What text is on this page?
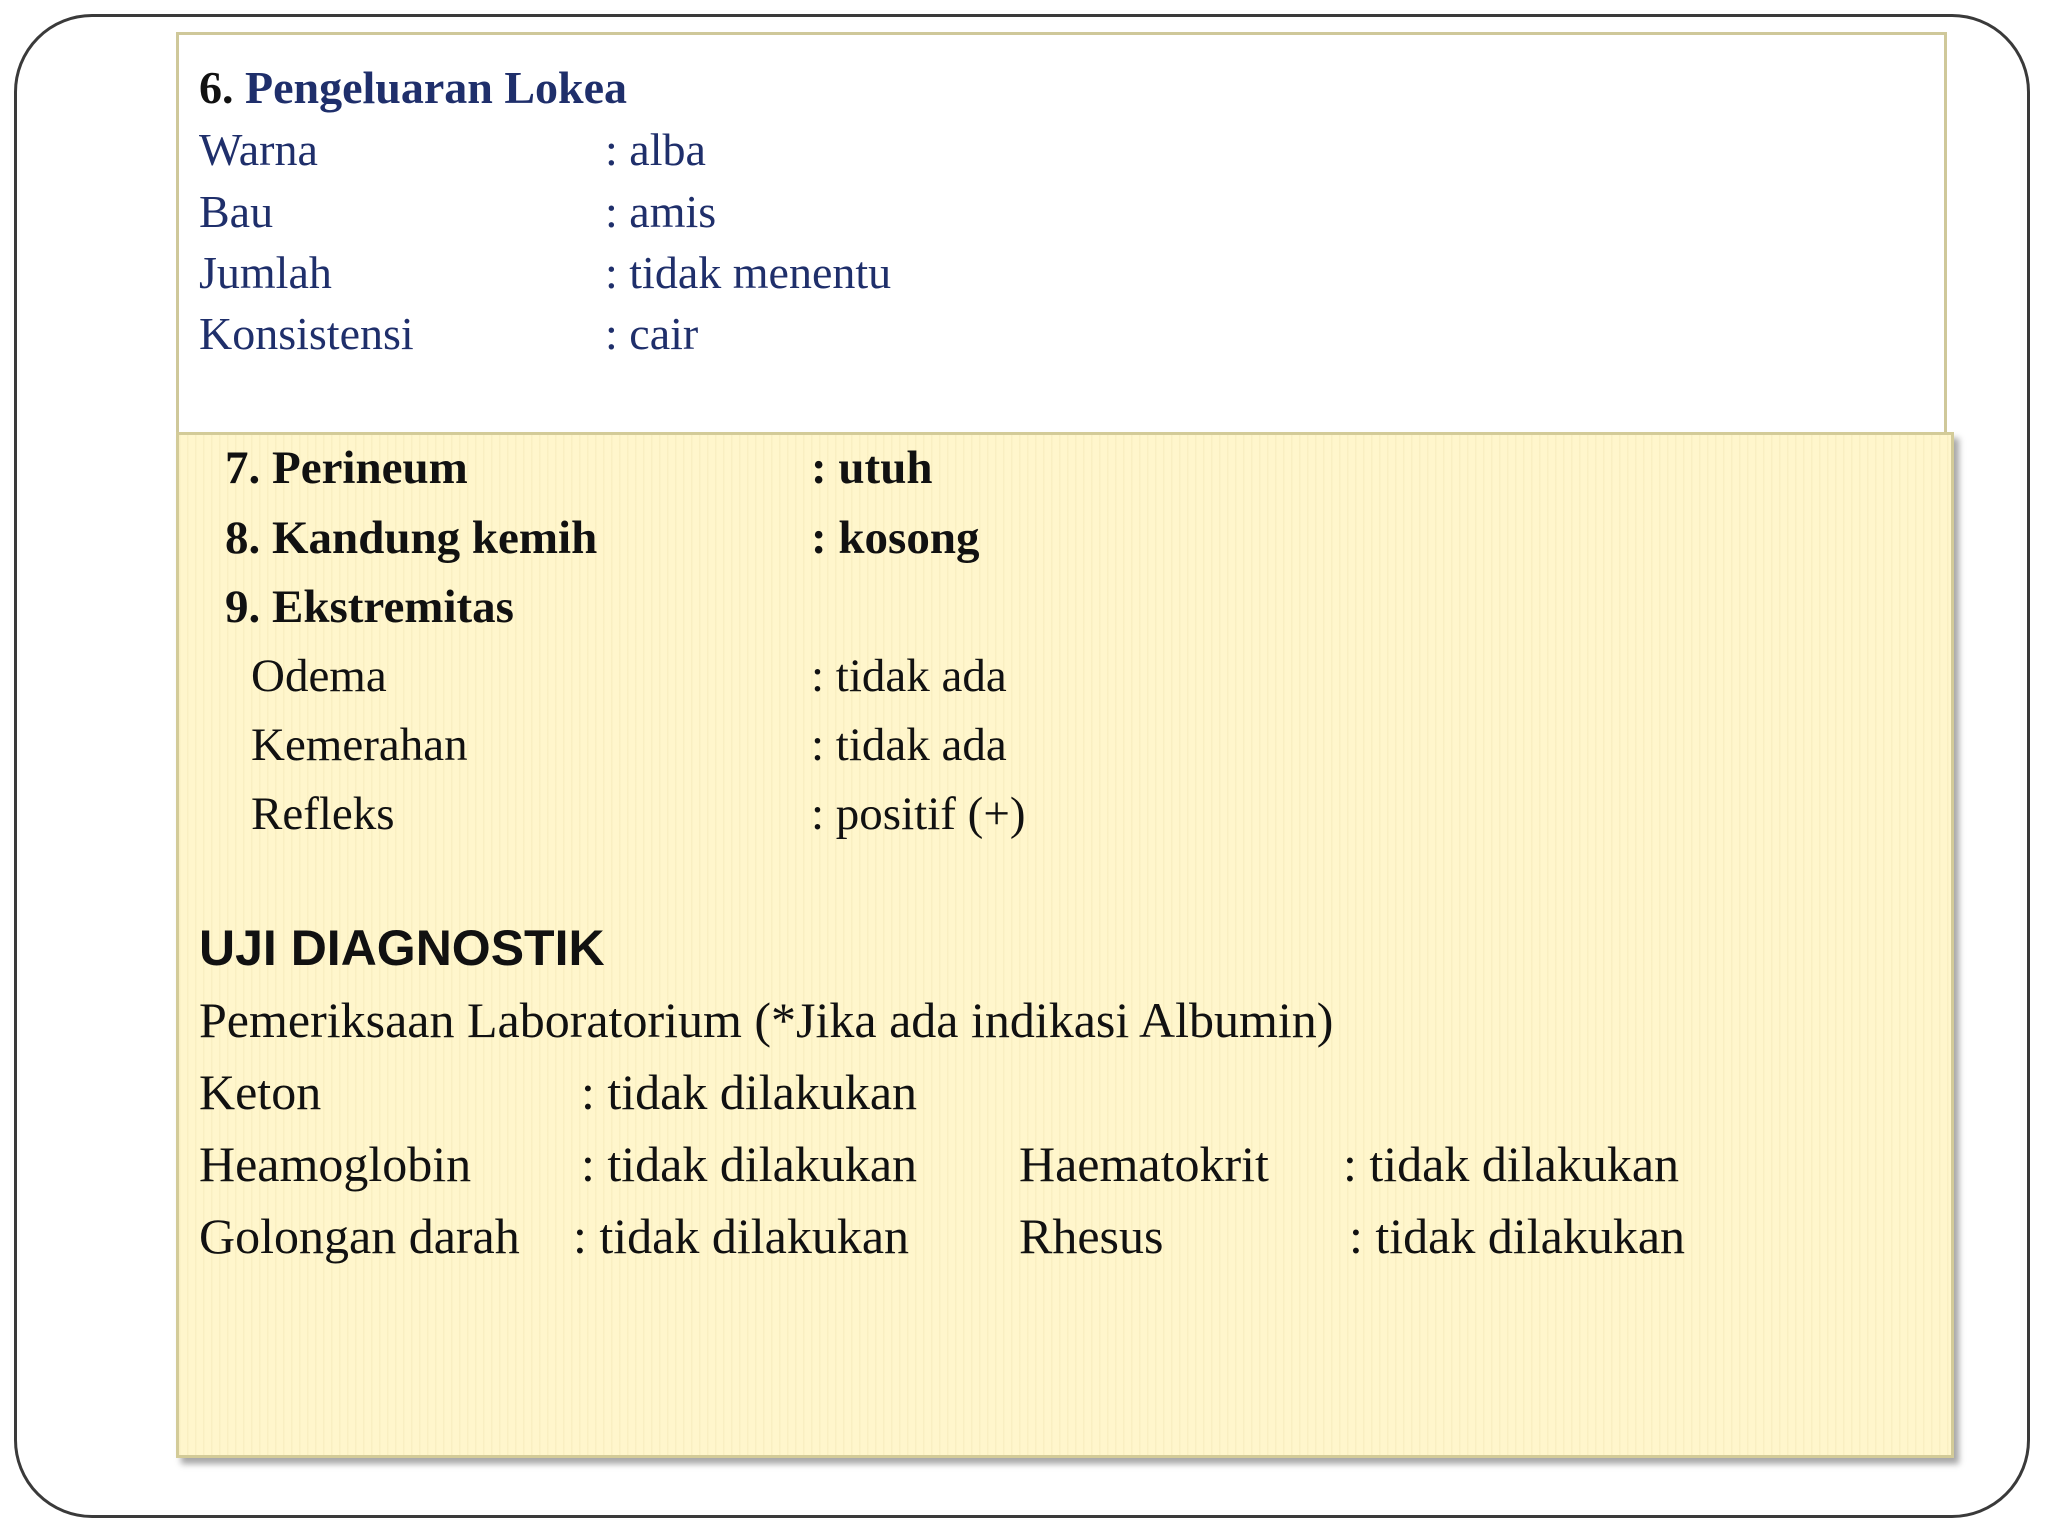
6. Pengeluaran Lokea
Warna	: alba
Bau	: amis
Jumlah	: tidak menentu
Konsistensi	: cair
7. Perineum	: utuh
8. Kandung kemih	: kosong
9. Ekstremitas
Odema	: tidak ada
Kemerahan	: tidak ada
Refleks	: positif (+)
UJI DIAGNOSTIK
Pemeriksaan Laboratorium (*Jika ada indikasi Albumin)
Keton	: tidak dilakukan
Heamoglobin : tidak dilakukan Haematokrit : tidak dilakukan
Golongan darah : tidak dilakukan Rhesus	: tidak dilakukan
